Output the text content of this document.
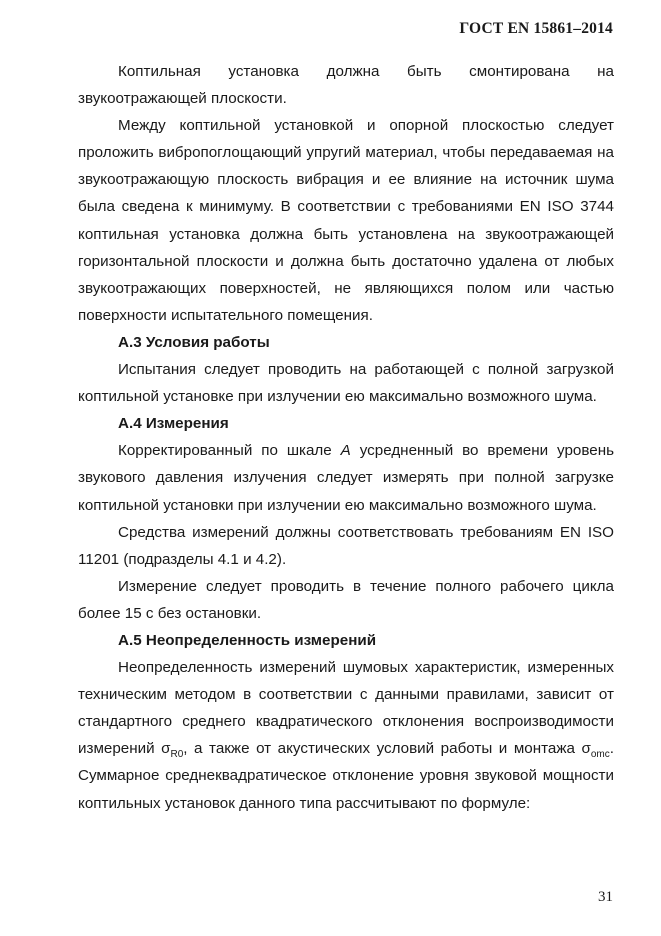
ГОСТ EN 15861–2014

Коптильная установка должна быть смонтирована на звукоотражающей плоскости.

Между коптильной установкой и опорной плоскостью следует проложить вибропоглощающий упругий материал, чтобы передаваемая на звукоотражающую плоскость вибрация и ее влияние на источник шума была сведена к минимуму. В соответствии с требованиями EN ISO 3744 коптильная установка должна быть установлена на звукоотражающей горизонтальной плоскости и должна быть достаточно удалена от любых звукоотражающих поверхностей, не являющихся полом или частью поверхности испытательного помещения.

А.3 Условия работы

Испытания следует проводить на работающей с полной загрузкой коптильной установке при излучении ею максимально возможного шума.

А.4 Измерения

Корректированный по шкале А усредненный во времени уровень звукового давления излучения следует измерять при полной загрузке коптильной установки при излучении ею максимально возможного шума.

Средства измерений должны соответствовать требованиям EN ISO 11201 (подразделы 4.1 и 4.2).

Измерение следует проводить в течение полного рабочего цикла более 15 с без остановки.

А.5 Неопределенность измерений

Неопределенность измерений шумовых характеристик, измеренных техническим методом в соответствии с данными правилами, зависит от стандартного среднего квадратического отклонения воспроизводимости измерений $\sigma_{R0}$, а также от акустических условий работы и монтажа $\sigma_{omc}$. Суммарное среднеквадратическое отклонение уровня звуковой мощности коптильных установок данного типа рассчитывают по формуле:

31
